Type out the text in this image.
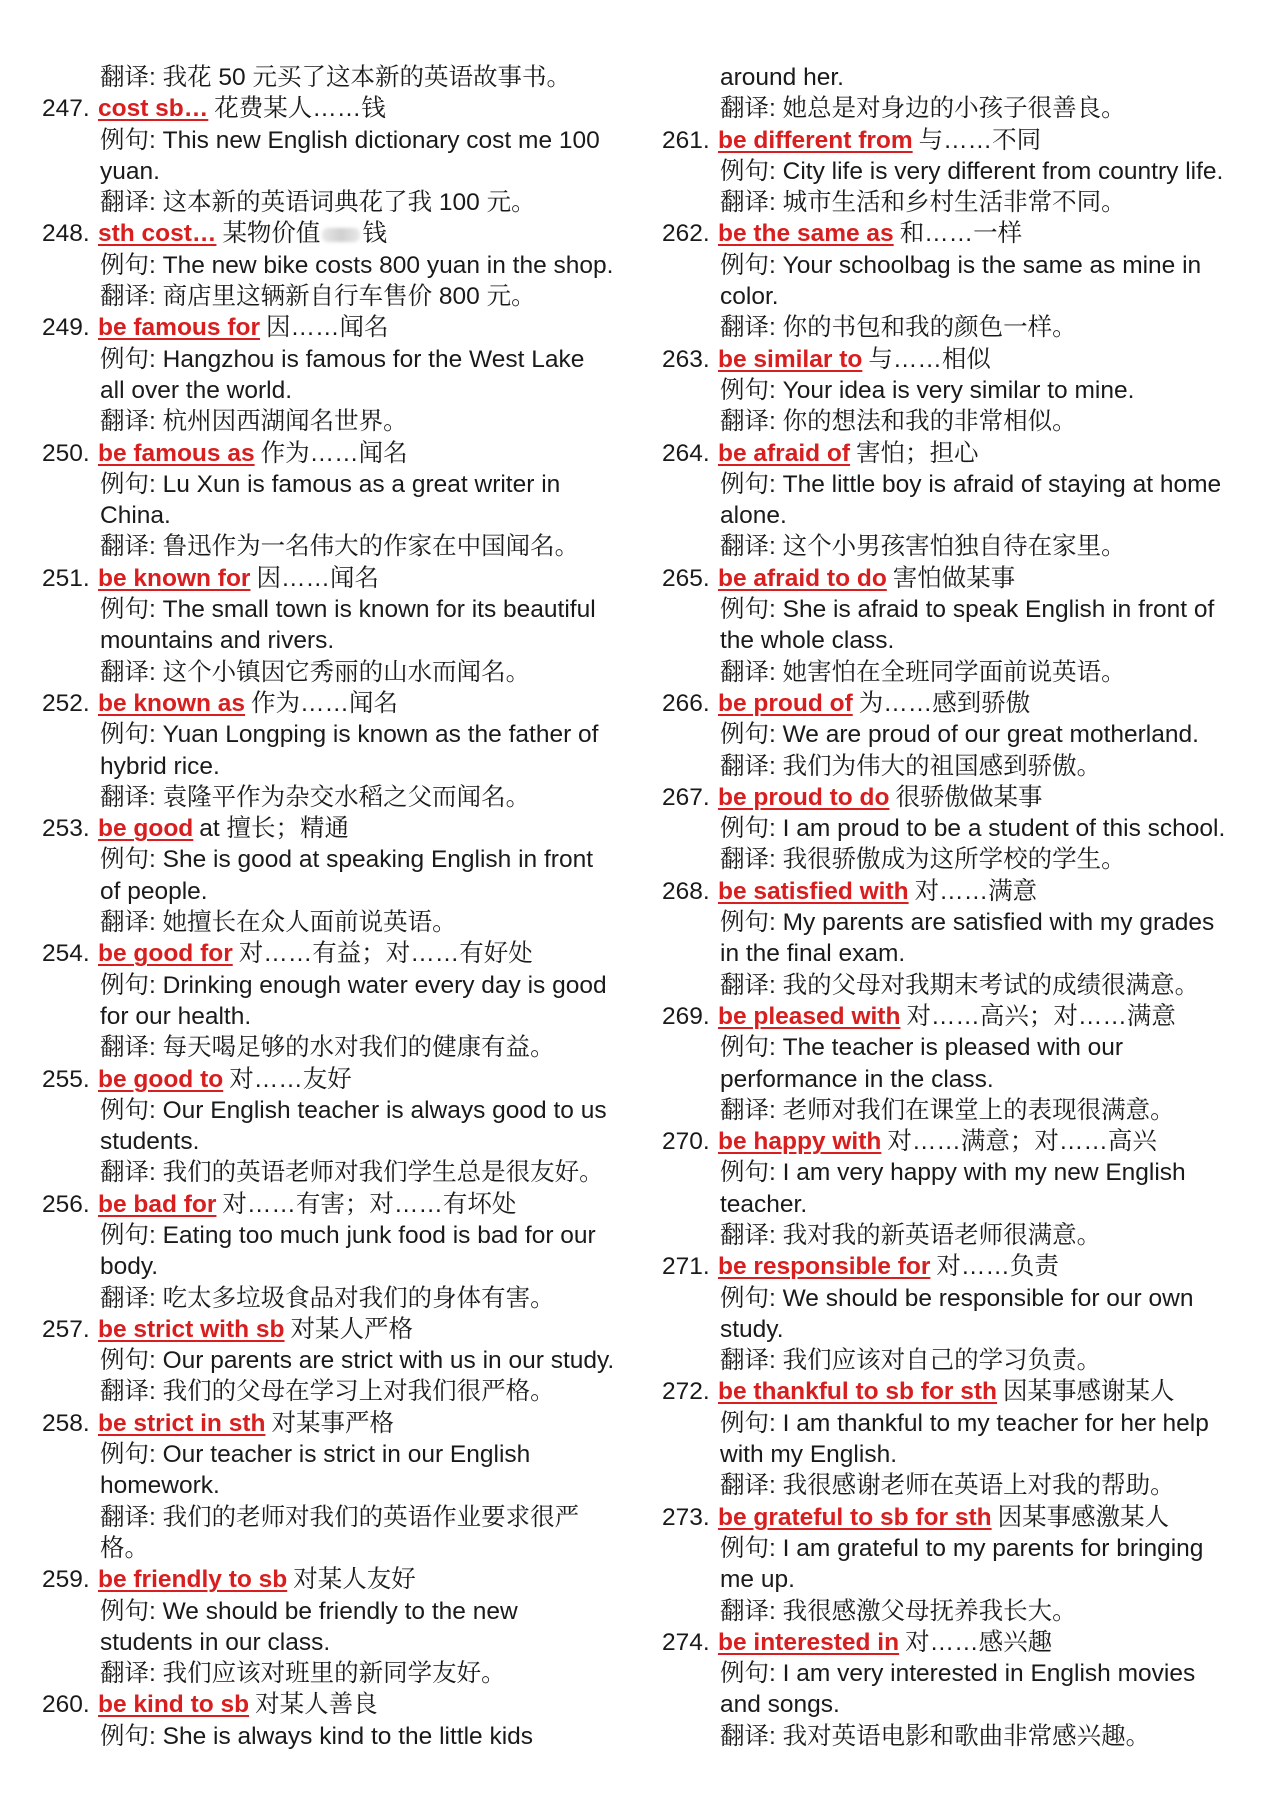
翻译: 我花 50 元买了这本新的英语故事书。
247. cost sb… 花费某人……钱
例句: This new English dictionary cost me 100
yuan.
翻译: 这本新的英语词典花了我 100 元。
248. sth cost… 某物价值 钱
例句: The new bike costs 800 yuan in the shop.
翻译: 商店里这辆新自行车售价 800 元。
249. be famous for 因……闻名
例句: Hangzhou is famous for the West Lake
all over the world.
翻译: 杭州因西湖闻名世界。
250. be famous as 作为……闻名
例句: Lu Xun is famous as a great writer in
China.
翻译: 鲁迅作为一名伟大的作家在中国闻名。
251. be known for 因……闻名
例句: The small town is known for its beautiful
mountains and rivers.
翻译: 这个小镇因它秀丽的山水而闻名。
252. be known as 作为……闻名
例句: Yuan Longping is known as the father of
hybrid rice.
翻译: 袁隆平作为杂交水稻之父而闻名。
253. be good at 擅长；精通
例句: She is good at speaking English in front
of people.
翻译: 她擅长在众人面前说英语。
254. be good for 对……有益；对……有好处
例句: Drinking enough water every day is good
for our health.
翻译: 每天喝足够的水对我们的健康有益。
255. be good to 对……友好
例句: Our English teacher is always good to us
students.
翻译: 我们的英语老师对我们学生总是很友好。
256. be bad for 对……有害；对……有坏处
例句: Eating too much junk food is bad for our
body.
翻译: 吃太多垃圾食品对我们的身体有害。
257. be strict with sb 对某人严格
例句: Our parents are strict with us in our study.
翻译: 我们的父母在学习上对我们很严格。
258. be strict in sth 对某事严格
例句: Our teacher is strict in our English
homework.
翻译: 我们的老师对我们的英语作业要求很严
格。
259. be friendly to sb 对某人友好
例句: We should be friendly to the new
students in our class.
翻译: 我们应该对班里的新同学友好。
260. be kind to sb 对某人善良
例句: She is always kind to the little kids
around her.
翻译: 她总是对身边的小孩子很善良。
261. be different from 与……不同
例句: City life is very different from country life.
翻译: 城市生活和乡村生活非常不同。
262. be the same as 和……一样
例句: Your schoolbag is the same as mine in
color.
翻译: 你的书包和我的颜色一样。
263. be similar to 与……相似
例句: Your idea is very similar to mine.
翻译: 你的想法和我的非常相似。
264. be afraid of 害怕；担心
例句: The little boy is afraid of staying at home
alone.
翻译: 这个小男孩害怕独自待在家里。
265. be afraid to do 害怕做某事
例句: She is afraid to speak English in front of
the whole class.
翻译: 她害怕在全班同学面前说英语。
266. be proud of 为……感到骄傲
例句: We are proud of our great motherland.
翻译: 我们为伟大的祖国感到骄傲。
267. be proud to do 很骄傲做某事
例句: I am proud to be a student of this school.
翻译: 我很骄傲成为这所学校的学生。
268. be satisfied with 对……满意
例句: My parents are satisfied with my grades
in the final exam.
翻译: 我的父母对我期末考试的成绩很满意。
269. be pleased with 对……高兴；对……满意
例句: The teacher is pleased with our
performance in the class.
翻译: 老师对我们在课堂上的表现很满意。
270. be happy with 对……满意；对……高兴
例句: I am very happy with my new English
teacher.
翻译: 我对我的新英语老师很满意。
271. be responsible for 对……负责
例句: We should be responsible for our own
study.
翻译: 我们应该对自己的学习负责。
272. be thankful to sb for sth 因某事感谢某人
例句: I am thankful to my teacher for her help
with my English.
翻译: 我很感谢老师在英语上对我的帮助。
273. be grateful to sb for sth 因某事感激某人
例句: I am grateful to my parents for bringing
me up.
翻译: 我很感激父母抚养我长大。
274. be interested in 对……感兴趣
例句: I am very interested in English movies
and songs.
翻译: 我对英语电影和歌曲非常感兴趣。
